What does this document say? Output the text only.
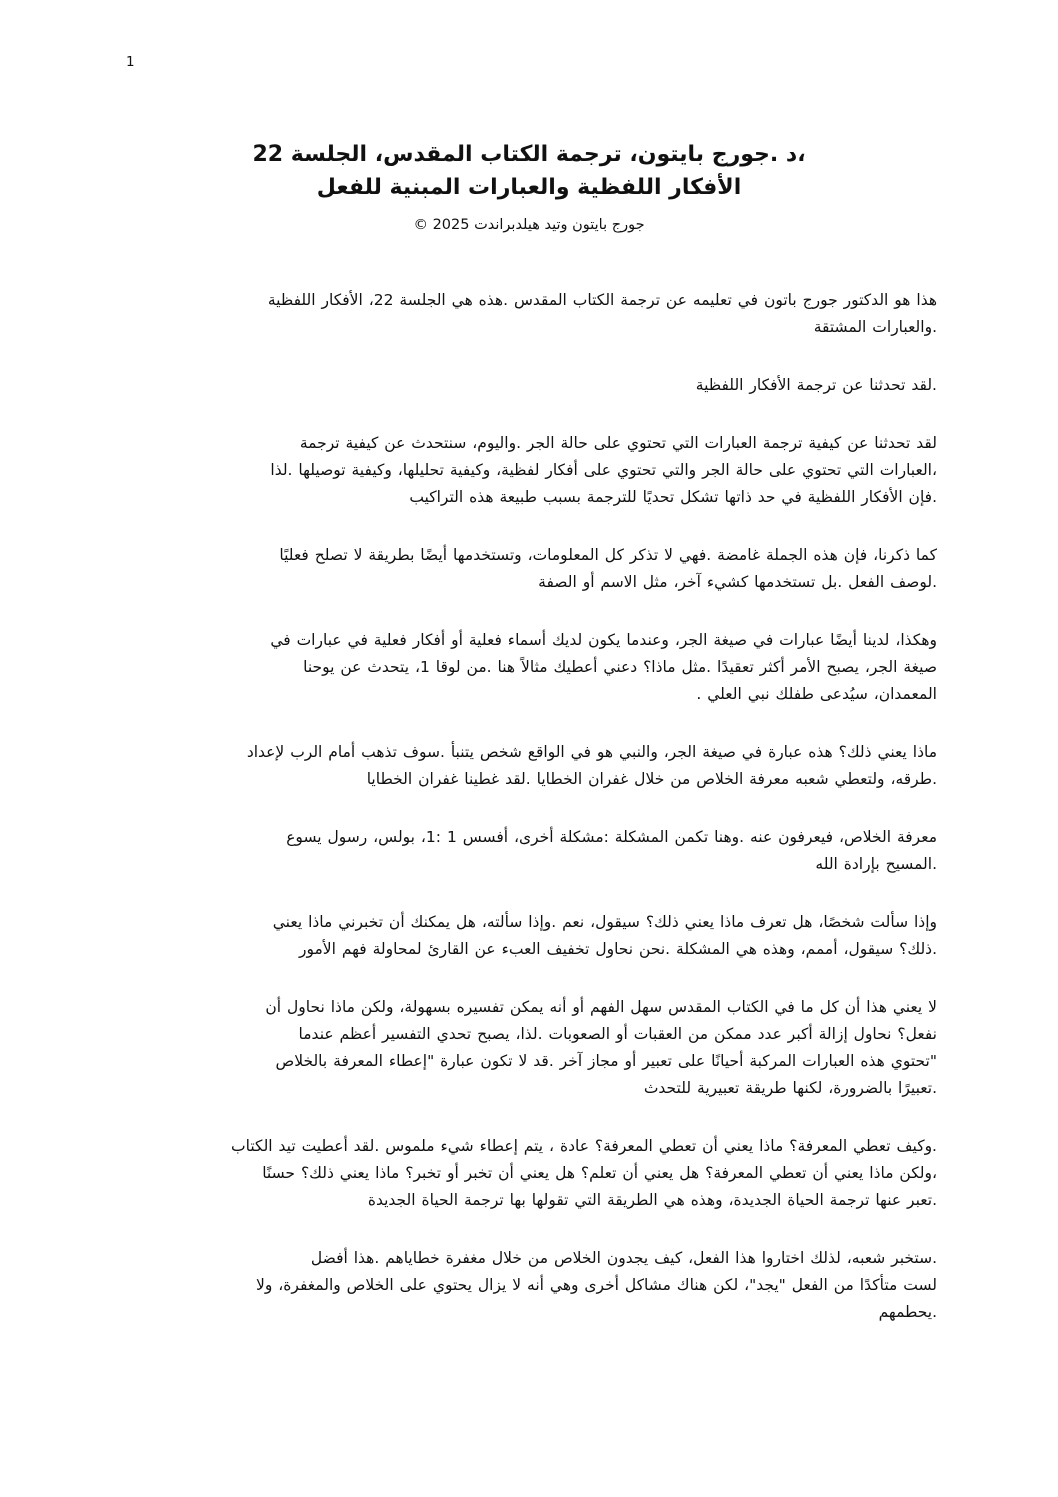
1
،د .جورج بايتون، ترجمة الكتاب المقدس، الجلسة 22
الأفكار اللفظية والعبارات المبنية للفعل
جورج بايتون وتيد هيلدبراندت 2025 ©
هذا هو الدكتور جورج باتون في تعليمه عن ترجمة الكتاب المقدس .هذه هي الجلسة 22، الأفكار اللفظية
.والعبارات المشتقة
.لقد تحدثنا عن ترجمة الأفكار اللفظية
لقد تحدثنا عن كيفية ترجمة العبارات التي تحتوي على حالة الجر .واليوم، سنتحدث عن كيفية ترجمة
،العبارات التي تحتوي على حالة الجر والتي تحتوي على أفكار لفظية، وكيفية تحليلها، وكيفية توصيلها .لذا
.فإن الأفكار اللفظية في حد ذاتها تشكل تحديًا للترجمة بسبب طبيعة هذه التراكيب
كما ذكرنا، فإن هذه الجملة غامضة .فهي لا تذكر كل المعلومات، وتستخدمها أيضًا بطريقة لا تصلح فعليًا
.لوصف الفعل .بل تستخدمها كشيء آخر، مثل الاسم أو الصفة
وهكذا، لدينا أيضًا عبارات في صيغة الجر، وعندما يكون لديك أسماء فعلية أو أفكار فعلية في عبارات في
صيغة الجر، يصبح الأمر أكثر تعقيدًا .مثل ماذا؟ دعني أعطيك مثالاً هنا .من لوقا 1، يتحدث عن يوحنا
المعمدان، سيُدعى طفلك نبي العلي .
ماذا يعني ذلك؟ هذه عبارة في صيغة الجر، والنبي هو في الواقع شخص يتنبأ .سوف تذهب أمام الرب لإعداد
.طرقه، ولتعطي شعبه معرفة الخلاص من خلال غفران الخطايا .لقد غطينا غفران الخطايا
معرفة الخلاص، فيعرفون عنه .وهنا تكمن المشكلة :مشكلة أخرى، أفسس 1 :1، بولس، رسول يسوع
.المسيح بإرادة الله
وإذا سألت شخصًا، هل تعرف ماذا يعني ذلك؟ سيقول، نعم .وإذا سألته، هل يمكنك أن تخبرني ماذا يعني
.ذلك؟ سيقول، أممم، وهذه هي المشكلة .نحن نحاول تخفيف العبء عن القارئ لمحاولة فهم الأمور
لا يعني هذا أن كل ما في الكتاب المقدس سهل الفهم أو أنه يمكن تفسيره بسهولة، ولكن ماذا نحاول أن
نفعل؟ نحاول إزالة أكبر عدد ممكن من العقبات أو الصعوبات .لذا، يصبح تحدي التفسير أعظم عندما
"تحتوي هذه العبارات المركبة أحيانًا على تعبير أو مجاز آخر .قد لا تكون عبارة "إعطاء المعرفة بالخلاص
.تعبيرًا بالضرورة، لكنها طريقة تعبيرية للتحدث
.وكيف تعطي المعرفة؟ ماذا يعني أن تعطي المعرفة؟ عادة ، يتم إعطاء شيء ملموس .لقد أعطيت تيد الكتاب
،ولكن ماذا يعني أن تعطي المعرفة؟ هل يعني أن تعلم؟ هل يعني أن تخبر أو تخبر؟ ماذا يعني ذلك؟ حسنًا
.تعبر عنها ترجمة الحياة الجديدة، وهذه هي الطريقة التي تقولها بها ترجمة الحياة الجديدة
.ستخبر شعبه، لذلك اختاروا هذا الفعل، كيف يجدون الخلاص من خلال مغفرة خطاياهم .هذا أفضل
لست متأكدًا من الفعل "يجد"، لكن هناك مشاكل أخرى وهي أنه لا يزال يحتوي على الخلاص والمغفرة، ولا
.يحطمهم
